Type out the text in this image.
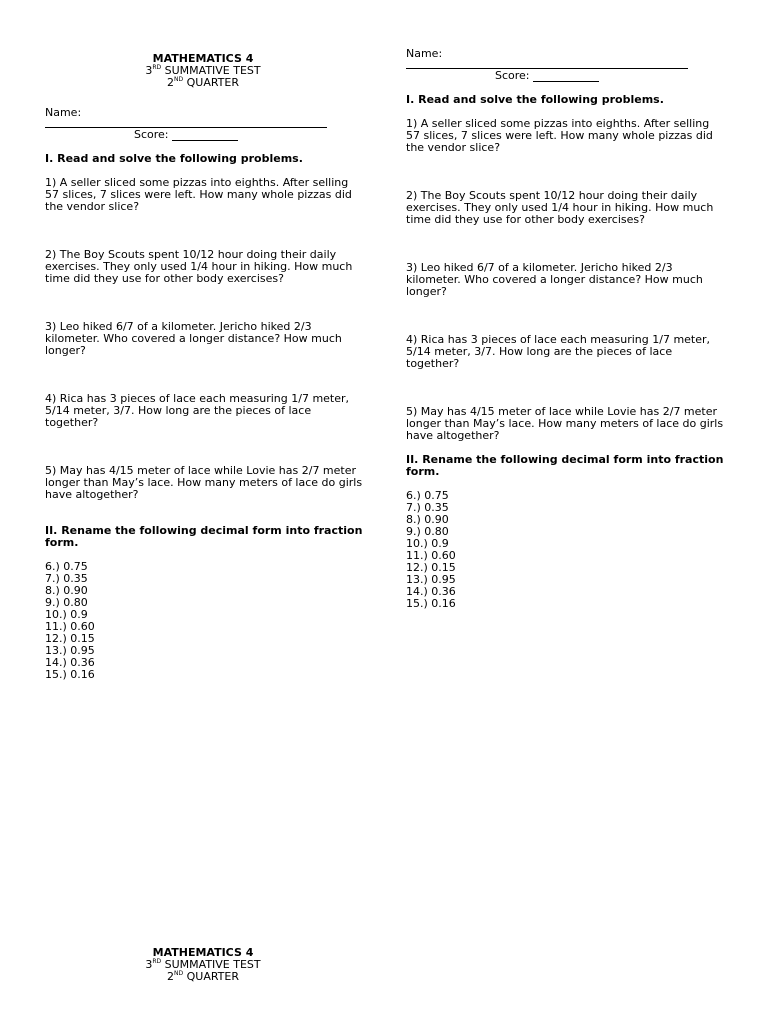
MATHEMATICS 4
3RD SUMMATIVE TEST
2ND QUARTER
Name:
Score:
I. Read and solve the following problems.
1) A seller sliced some pizzas into eighths. After selling 57 slices, 7 slices were left. How many whole pizzas did the vendor slice?
2) The Boy Scouts spent 10/12 hour doing their daily exercises. They only used 1/4 hour in hiking. How much time did they use for other body exercises?
3) Leo hiked 6/7 of a kilometer. Jericho hiked 2/3 kilometer. Who covered a longer distance? How much longer?
4) Rica has 3 pieces of lace each measuring 1/7 meter, 5/14 meter, 3/7. How long are the pieces of lace together?
5) May has 4/15 meter of lace while Lovie has 2/7 meter longer than May’s lace. How many meters of lace do girls have altogether?
II. Rename the following decimal form into fraction form.
6.) 0.75
7.) 0.35
8.) 0.90
9.) 0.80
10.) 0.9
11.) 0.60
12.) 0.15
13.) 0.95
14.) 0.36
15.) 0.16
Name:
Score:
I. Read and solve the following problems.
1) A seller sliced some pizzas into eighths. After selling 57 slices, 7 slices were left. How many whole pizzas did the vendor slice?
2) The Boy Scouts spent 10/12 hour doing their daily exercises. They only used 1/4 hour in hiking. How much time did they use for other body exercises?
3) Leo hiked 6/7 of a kilometer. Jericho hiked 2/3 kilometer. Who covered a longer distance? How much longer?
4) Rica has 3 pieces of lace each measuring 1/7 meter, 5/14 meter, 3/7. How long are the pieces of lace together?
5) May has 4/15 meter of lace while Lovie has 2/7 meter longer than May’s lace. How many meters of lace do girls have altogether?
II. Rename the following decimal form into fraction form.
6.) 0.75
7.) 0.35
8.) 0.90
9.) 0.80
10.) 0.9
11.) 0.60
12.) 0.15
13.) 0.95
14.) 0.36
15.) 0.16
MATHEMATICS 4
3RD SUMMATIVE TEST
2ND QUARTER
